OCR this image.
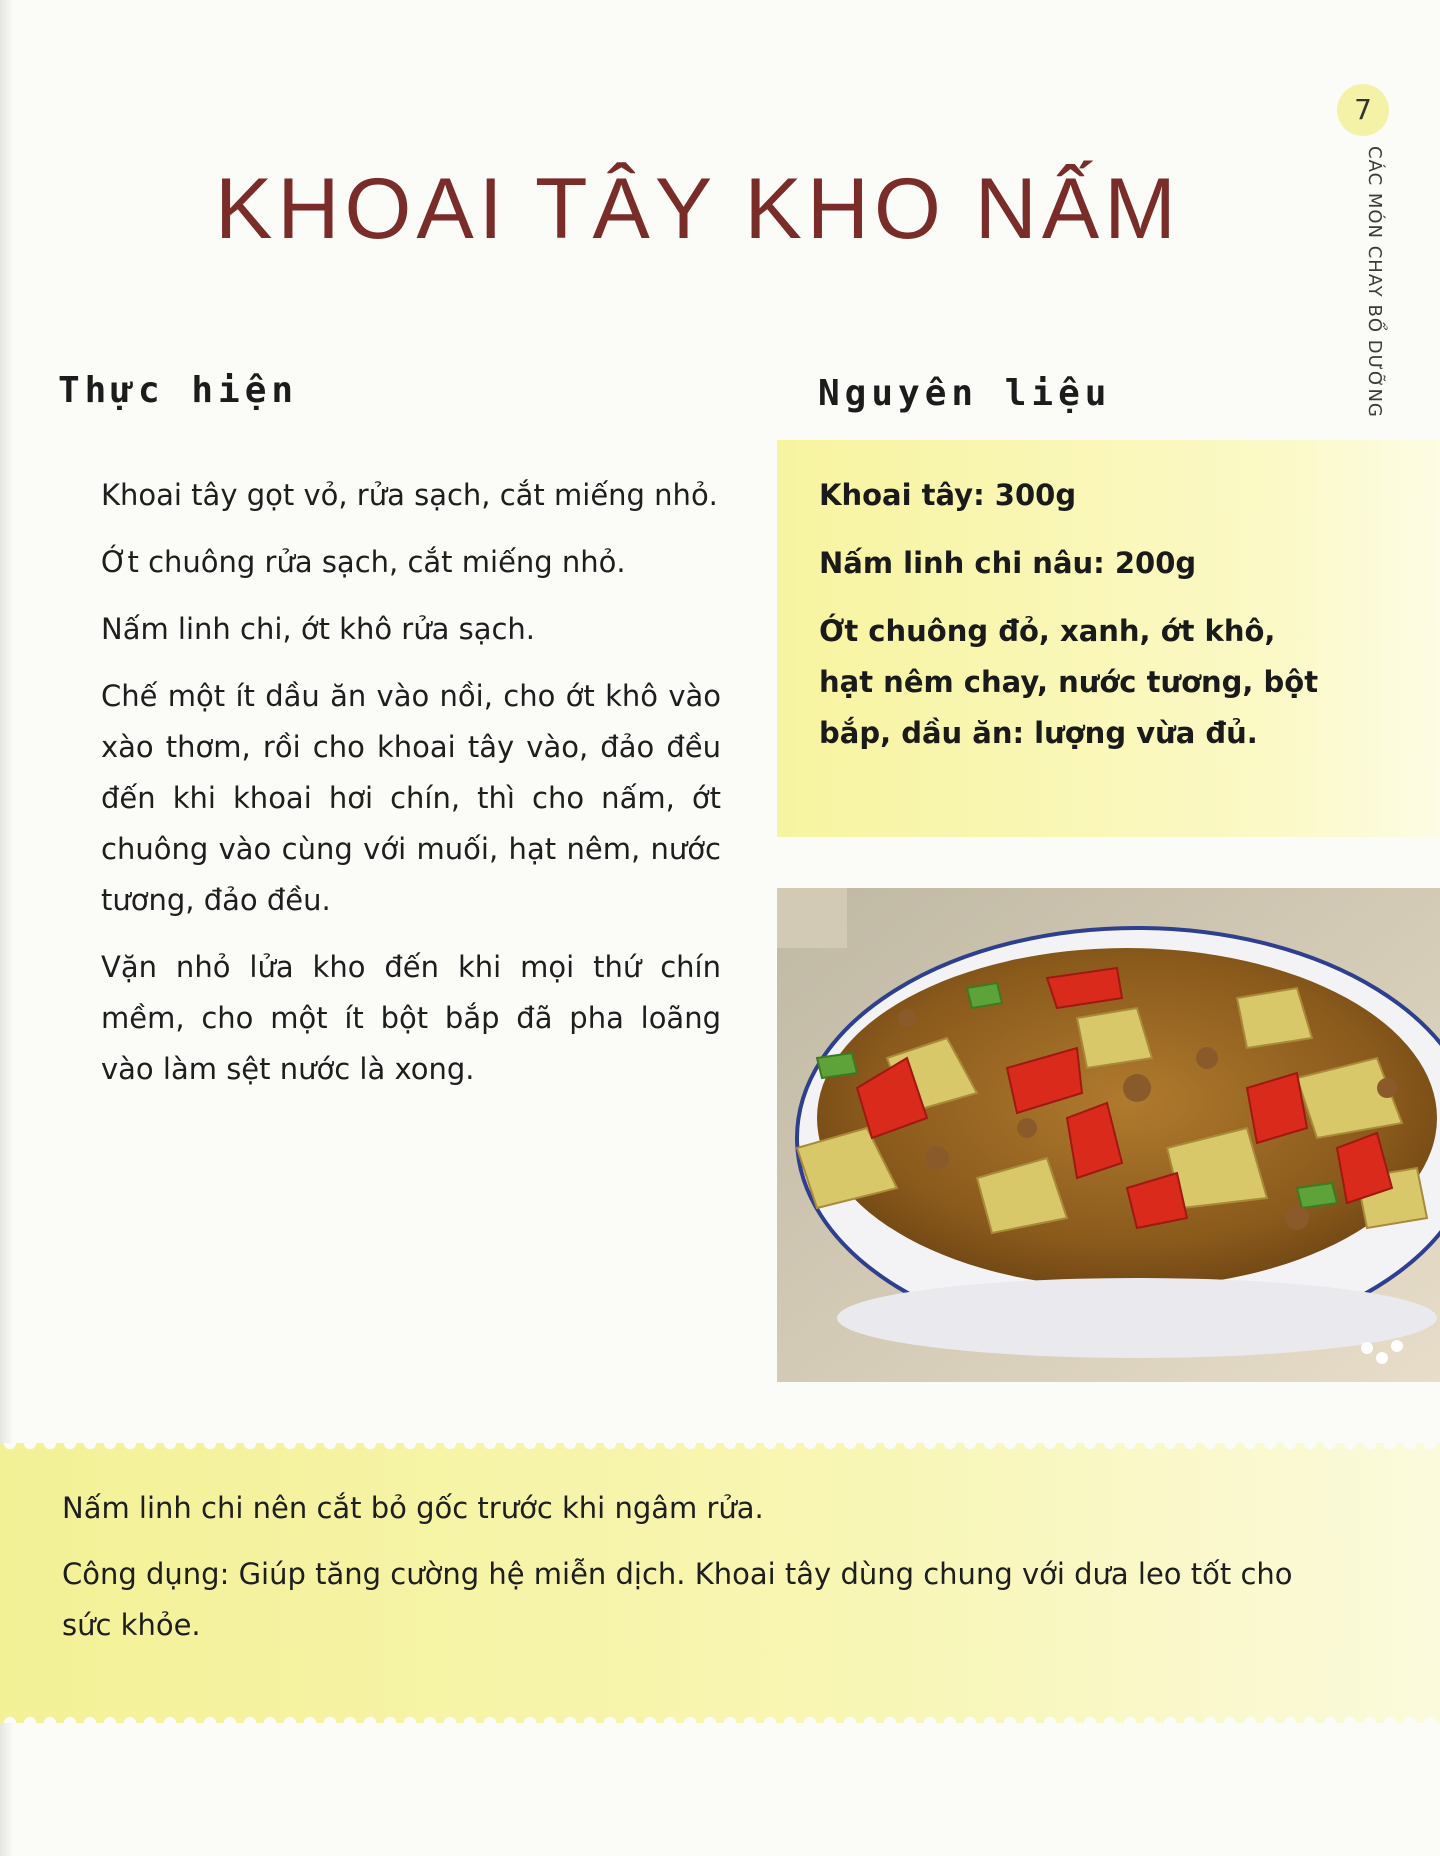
7
CÁC MÓN CHAY BỔ DƯỠNG
KHOAI TÂY KHO NẤM
Thực hiện	Nguyên liệu

Khoai tây gọt vỏ, rửa sạch, cắt miếng nhỏ.

Ớt chuông rửa sạch, cắt miếng nhỏ.

Nấm linh chi, ớt khô rửa sạch.

Chế một ít dầu ăn vào nồi, cho ớt khô vào xào thơm, rồi cho khoai tây vào, đảo đều đến khi khoai hơi chín, thì cho nấm, ớt chuông vào cùng với muối, hạt nêm, nước tương, đảo đều.

Vặn nhỏ lửa kho đến khi mọi thứ chín mềm, cho một ít bột bắp đã pha loãng vào làm sệt nước là xong.

Khoai tây: 300g

Nấm linh chi nâu: 200g

Ớt chuông đỏ, xanh, ớt khô, hạt nêm chay, nước tương, bột bắp, dầu ăn: lượng vừa đủ.

Nấm linh chi nên cắt bỏ gốc trước khi ngâm rửa.

Công dụng: Giúp tăng cường hệ miễn dịch. Khoai tây dùng chung với dưa leo tốt cho sức khỏe.
